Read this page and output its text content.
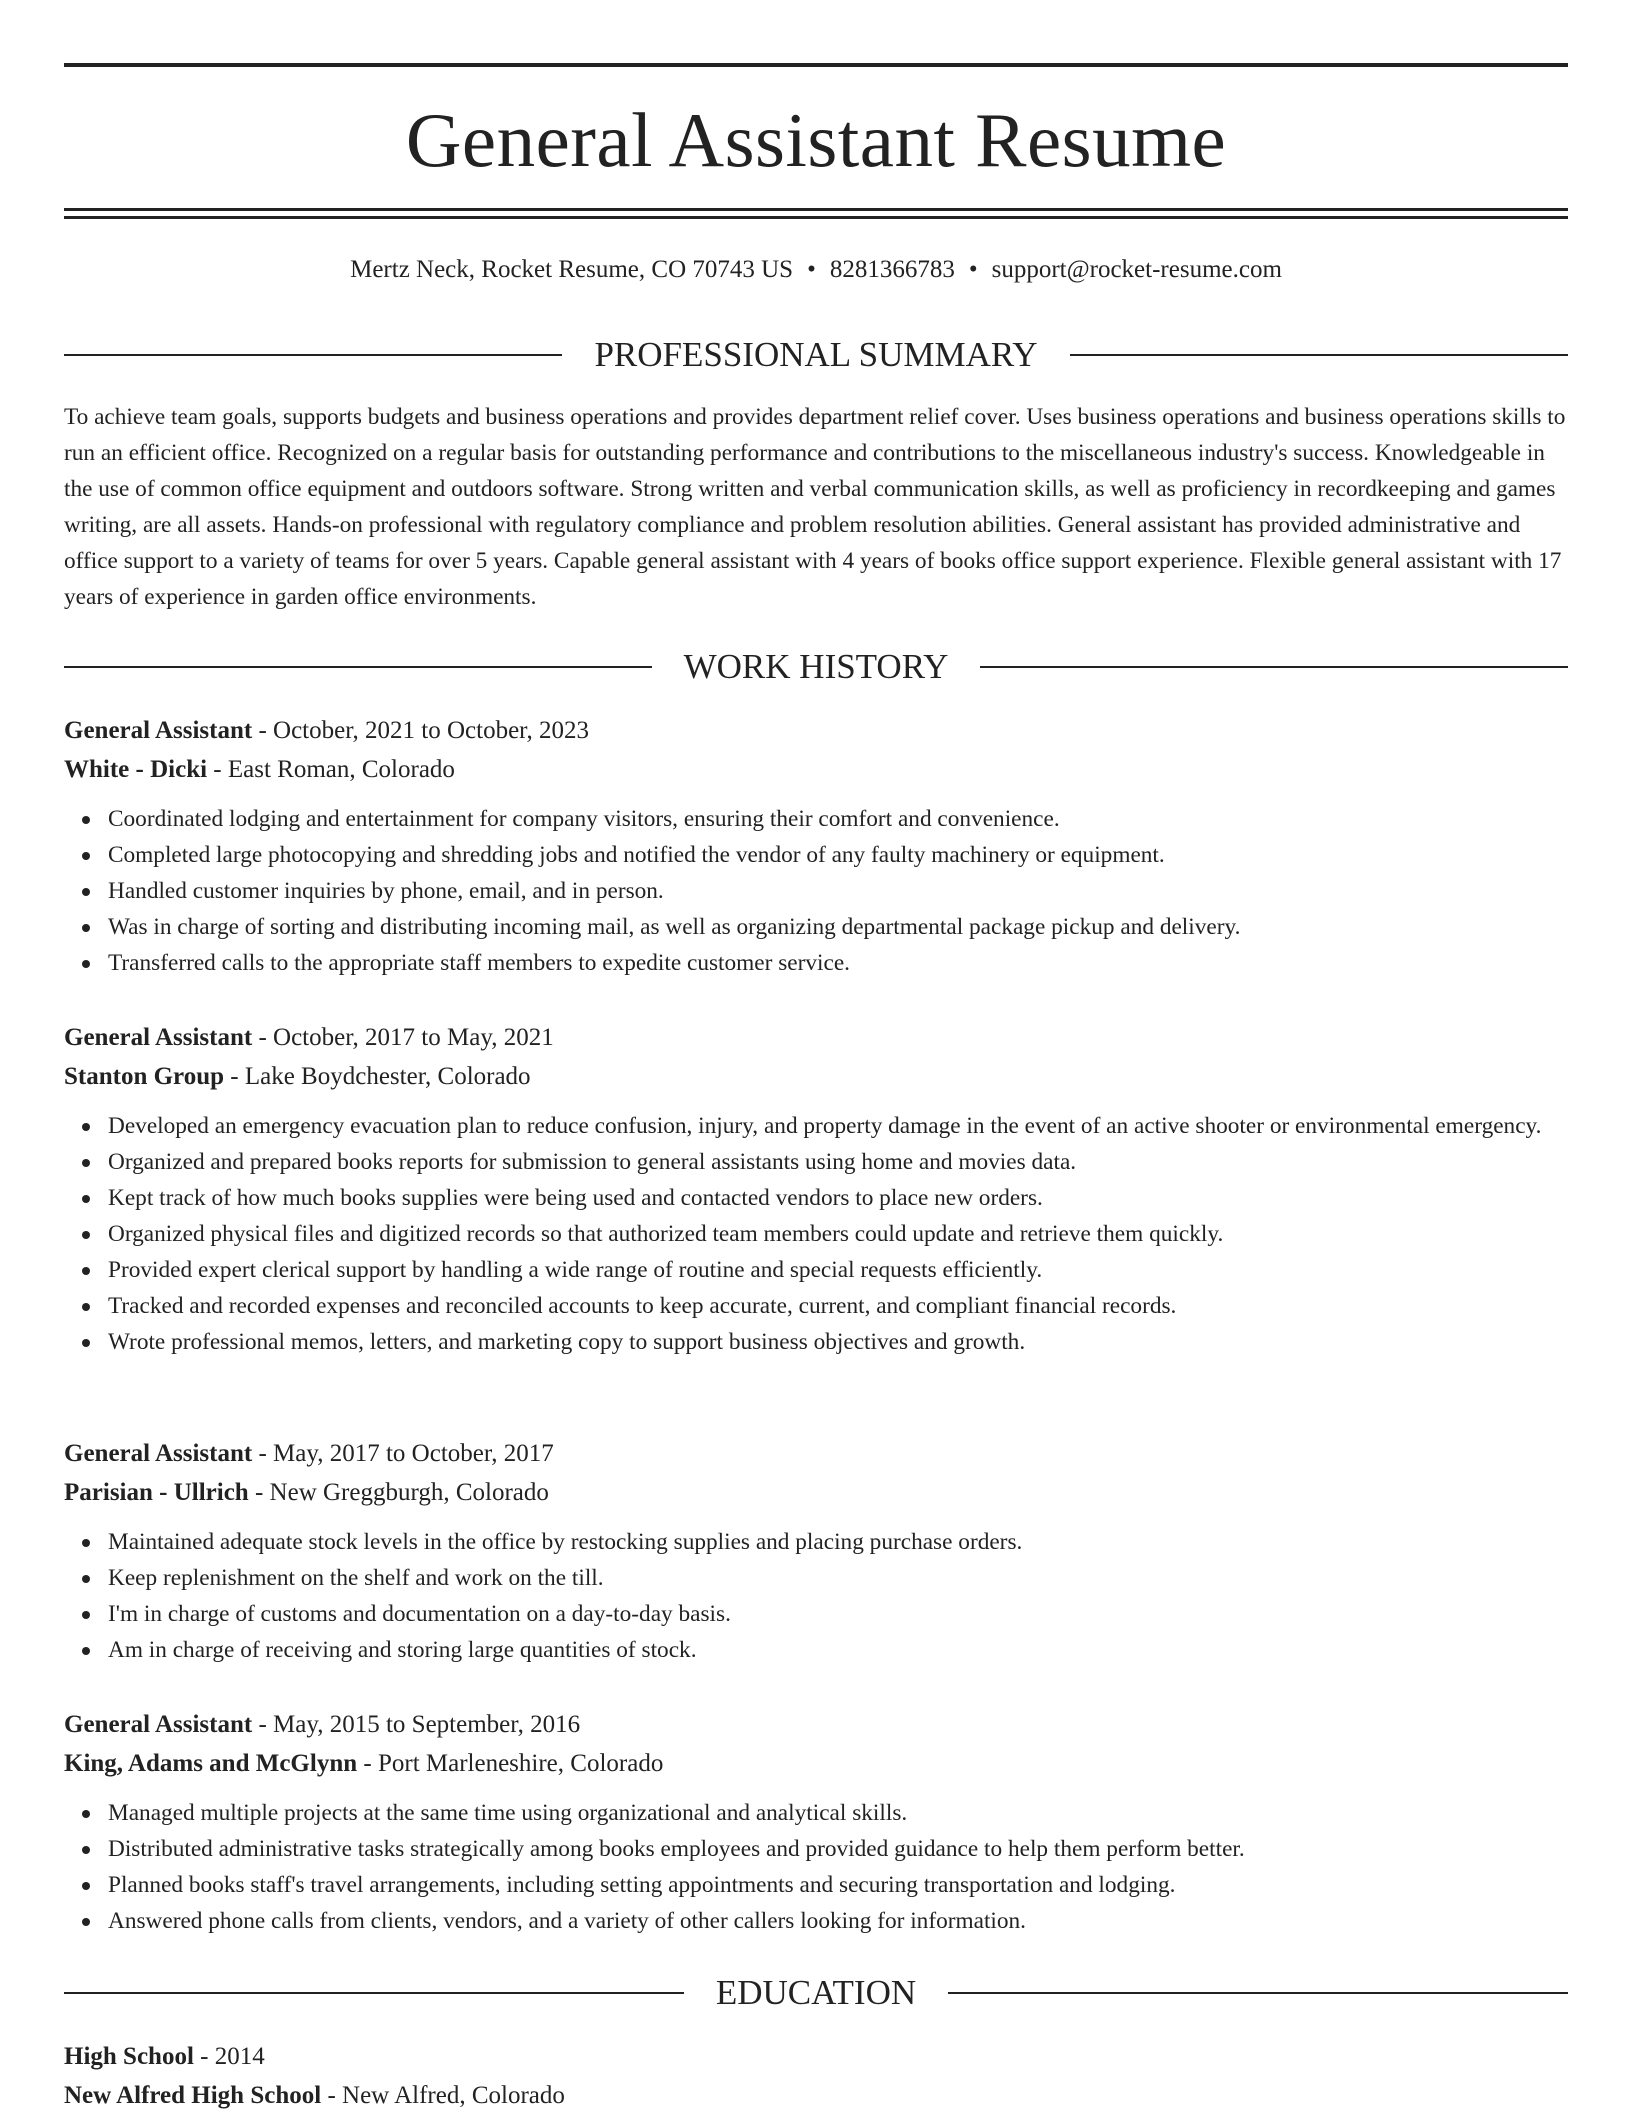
General Assistant Resume
Mertz Neck, Rocket Resume, CO 70743 US • 8281366783 • support@rocket-resume.com
PROFESSIONAL SUMMARY

To achieve team goals, supports budgets and business operations and provides department relief cover. Uses business operations and business operations skills to run an efficient office. Recognized on a regular basis for outstanding performance and contributions to the miscellaneous industry's success. Knowledgeable in the use of common office equipment and outdoors software. Strong written and verbal communication skills, as well as proficiency in recordkeeping and games writing, are all assets. Hands-on professional with regulatory compliance and problem resolution abilities. General assistant has provided administrative and office support to a variety of teams for over 5 years. Capable general assistant with 4 years of books office support experience. Flexible general assistant with 17 years of experience in garden office environments.

WORK HISTORY

General Assistant - October, 2021 to October, 2023

White - Dicki - East Roman, Colorado

Coordinated lodging and entertainment for company visitors, ensuring their comfort and convenience.
Completed large photocopying and shredding jobs and notified the vendor of any faulty machinery or equipment.
Handled customer inquiries by phone, email, and in person.
Was in charge of sorting and distributing incoming mail, as well as organizing departmental package pickup and delivery.
Transferred calls to the appropriate staff members to expedite customer service.

General Assistant - October, 2017 to May, 2021

Stanton Group - Lake Boydchester, Colorado

Developed an emergency evacuation plan to reduce confusion, injury, and property damage in the event of an active shooter or environmental emergency.
Organized and prepared books reports for submission to general assistants using home and movies data.
Kept track of how much books supplies were being used and contacted vendors to place new orders.
Organized physical files and digitized records so that authorized team members could update and retrieve them quickly.
Provided expert clerical support by handling a wide range of routine and special requests efficiently.
Tracked and recorded expenses and reconciled accounts to keep accurate, current, and compliant financial records.
Wrote professional memos, letters, and marketing copy to support business objectives and growth.

General Assistant - May, 2017 to October, 2017

Parisian - Ullrich - New Greggburgh, Colorado

Maintained adequate stock levels in the office by restocking supplies and placing purchase orders.
Keep replenishment on the shelf and work on the till.
I'm in charge of customs and documentation on a day-to-day basis.
Am in charge of receiving and storing large quantities of stock.

General Assistant - May, 2015 to September, 2016

King, Adams and McGlynn - Port Marleneshire, Colorado

Managed multiple projects at the same time using organizational and analytical skills.
Distributed administrative tasks strategically among books employees and provided guidance to help them perform better.
Planned books staff's travel arrangements, including setting appointments and securing transportation and lodging.
Answered phone calls from clients, vendors, and a variety of other callers looking for information.
EDUCATION

High School - 2014

New Alfred High School - New Alfred, Colorado
